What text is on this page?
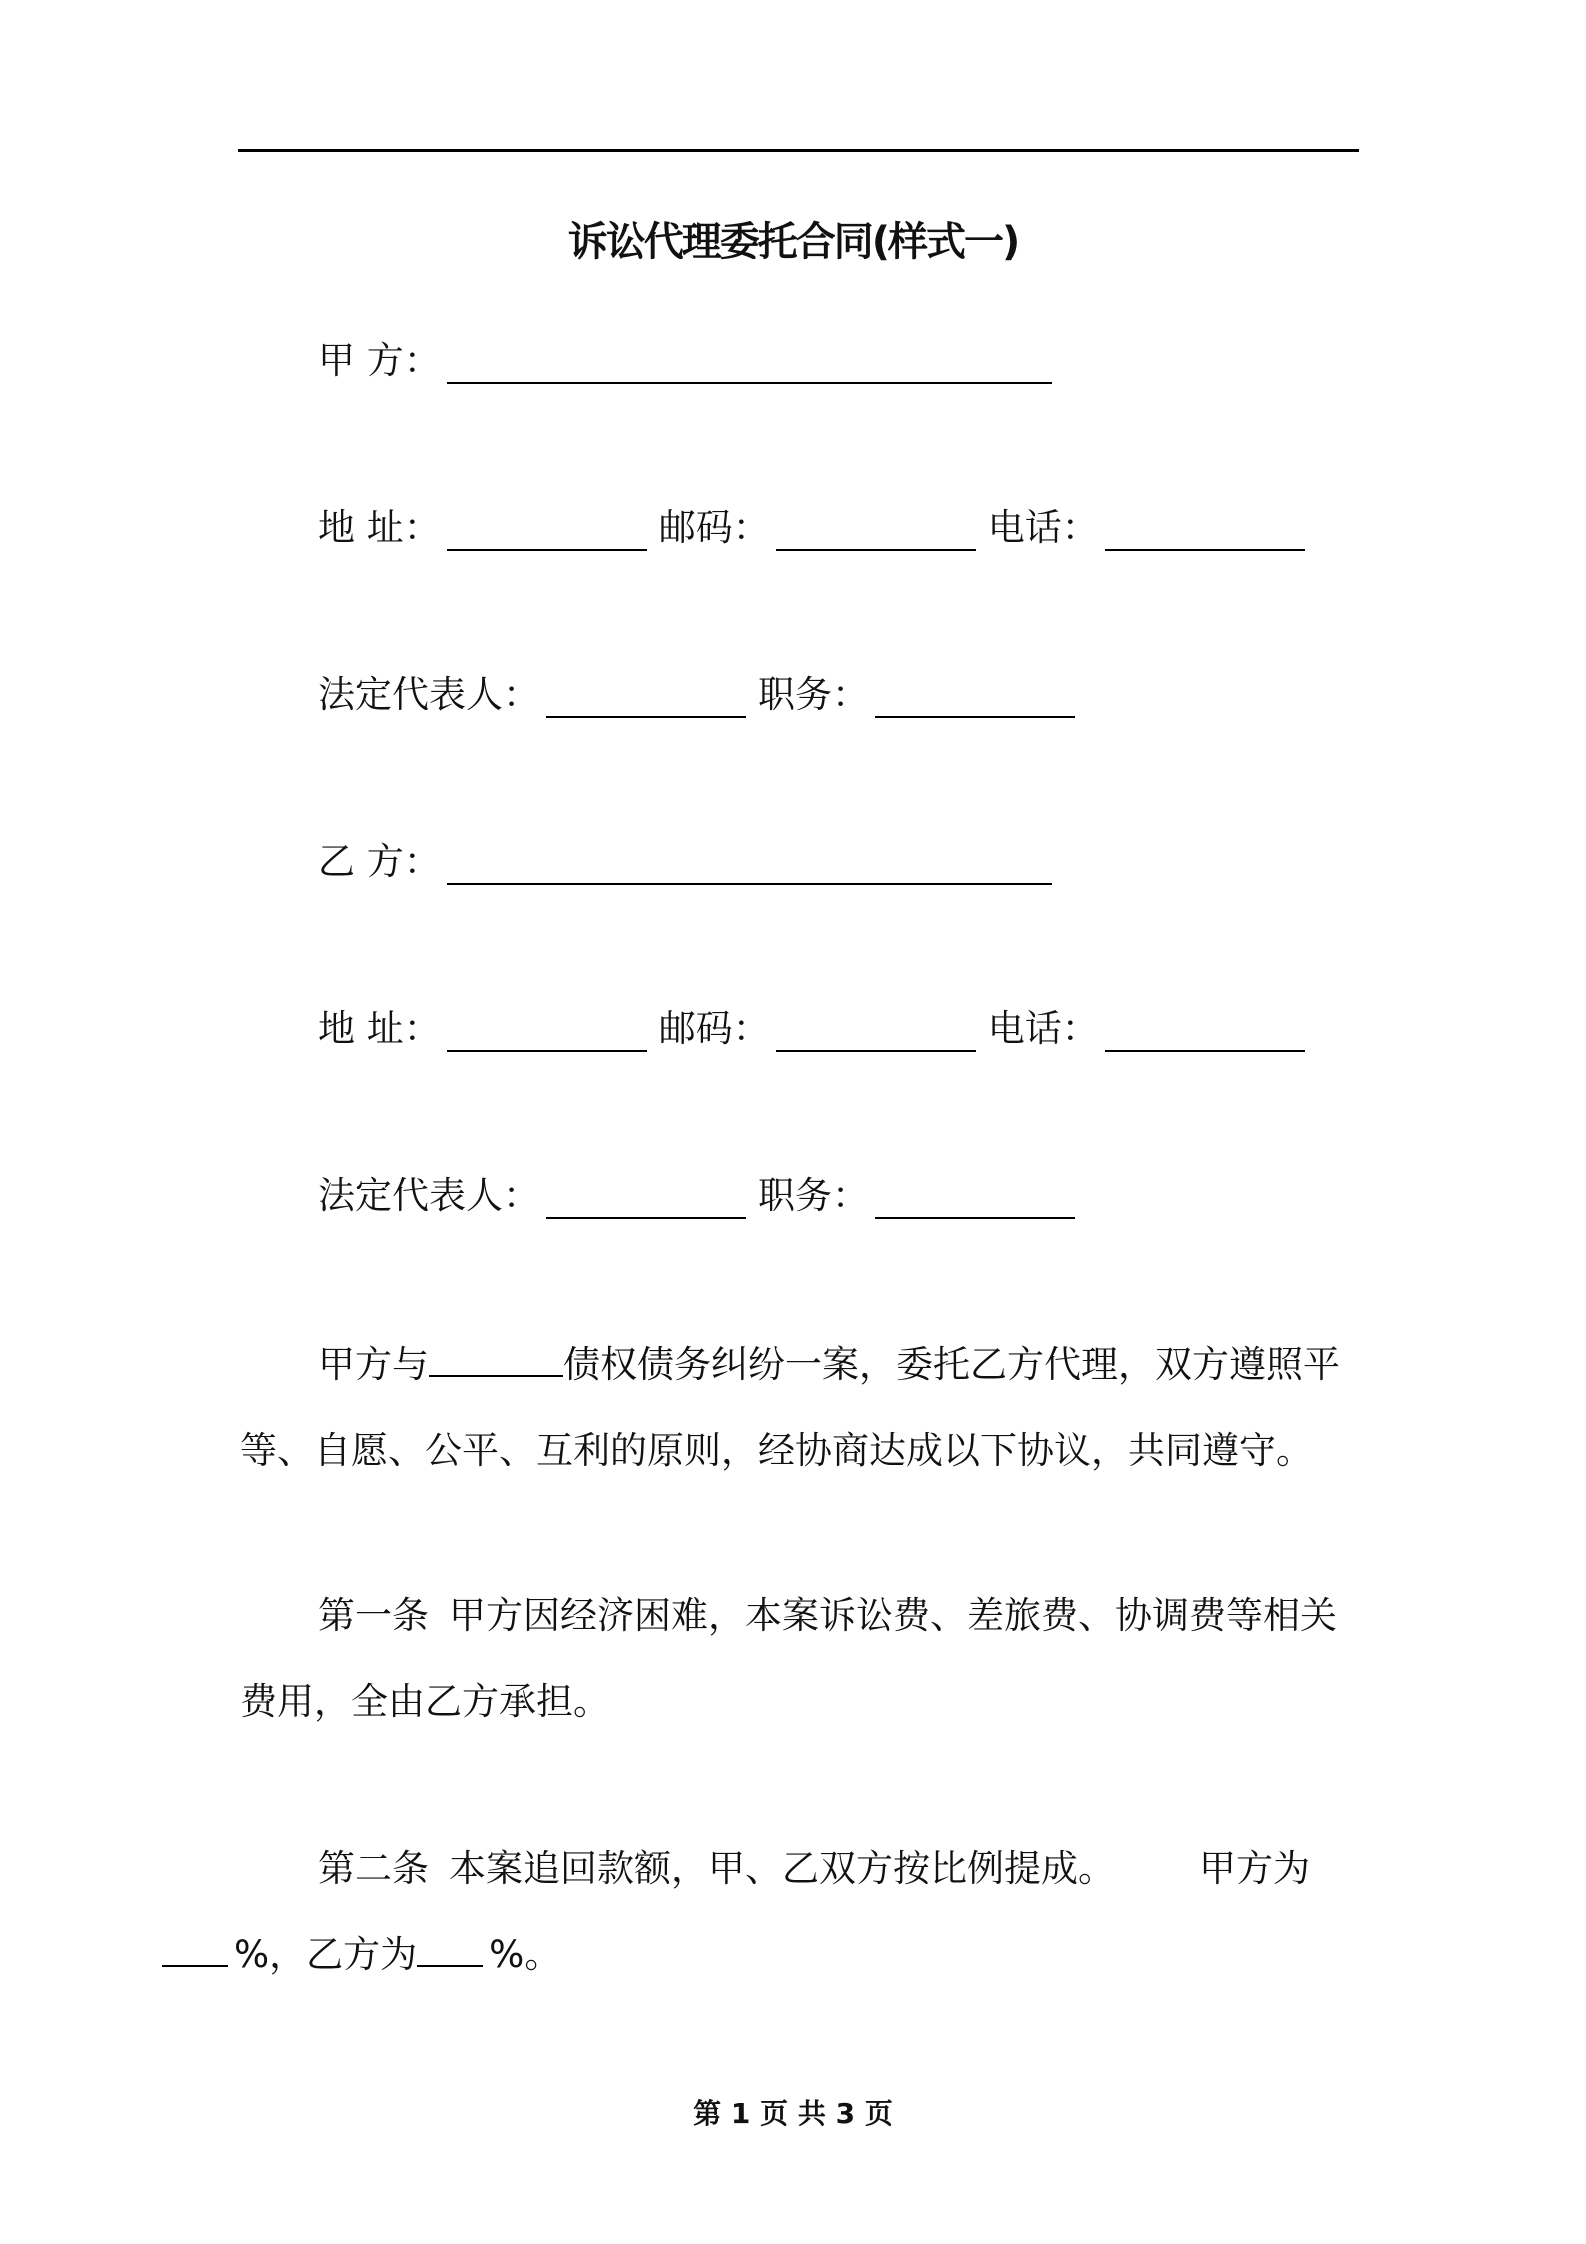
诉讼代理委托合同(样式一)
甲 方：
地 址：	邮码：	电话：
法定代表人：	职务：
乙 方：
地 址：	邮码：	电话：
法定代表人：	职务：
甲方与	债权债务纠纷一案，委托乙方代理，双方遵照平等、自愿、公平、互利的原则，经协商达成以下协议，共同遵守。
第一条 甲方因经济困难，本案诉讼费、差旅费、协调费等相关费用，全由乙方承担。
第二条 本案追回款额，甲、乙双方按比例提成。 甲方为
%，乙方为 %。
第 1 页 共 3 页
